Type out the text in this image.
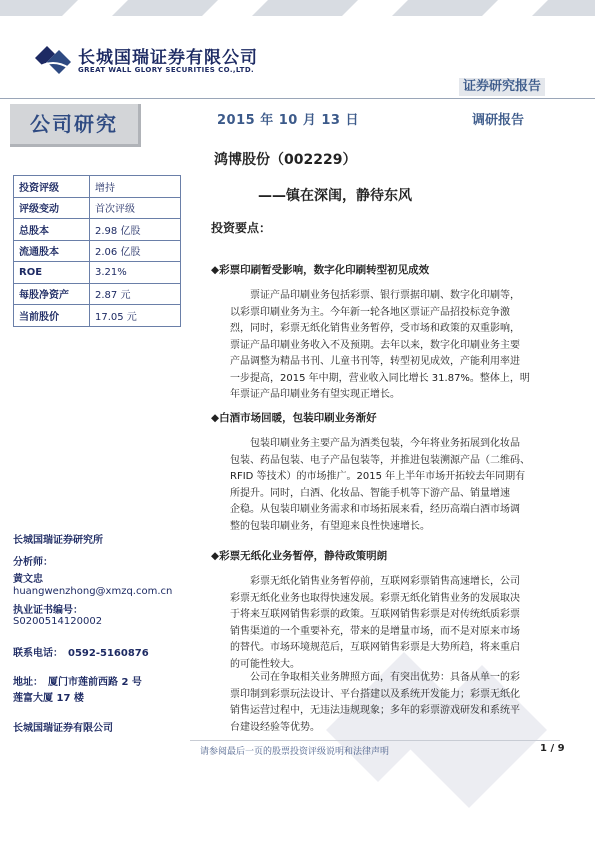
长城国瑞证券有限公司
GREAT WALL GLORY SECURITIES CO.,LTD.
证券研究报告
公司研究	2015 年 10 月 13 日	调研报告
鸿博股份（002229）
——镇在深闺，静待东风
投资要点：
投资评级	增持
评级变动	首次评级
总股本	2.98 亿股
流通股本	2.06 亿股
ROE	3.21%
每股净资产	2.87 元
当前股价	17.05 元
长城国瑞证券研究所
分析师：
黄文忠
huangwenzhong@xmzq.com.cn
执业证书编号：
S0200514120002
联系电话：　0592-5160876
地址：　厦门市莲前西路 2 号
莲富大厦 17 楼
长城国瑞证券有限公司
◆彩票印刷暂受影响，数字化印刷转型初见成效

票证产品印刷业务包括彩票、银行票据印刷、数字化印刷等，
以彩票印刷业务为主。今年新一轮各地区票证产品招投标竞争激
烈，同时，彩票无纸化销售业务暂停，受市场和政策的双重影响，
票证产品印刷业务收入不及预期。去年以来，数字化印刷业务主要
产品调整为精品书刊、儿童书刊等，转型初见成效，产能利用率进
一步提高，2015 年中期，营业收入同比增长 31.87%。整体上，明
年票证产品印刷业务有望实现正增长。

◆白酒市场回暖，包装印刷业务渐好

包装印刷业务主要产品为酒类包装，今年将业务拓展到化妆品
包装、药品包装、电子产品包装等，并推进包装溯源产品（二维码、
RFID 等技术）的市场推广。2015 年上半年市场开拓较去年同期有
所提升。同时，白酒、化妆品、智能手机等下游产品、销量增速
企稳。从包装印刷业务需求和市场拓展来看，经历高端白酒市场调
整的包装印刷业务，有望迎来良性快速增长。

◆彩票无纸化业务暂停，静待政策明朗

彩票无纸化销售业务暂停前，互联网彩票销售高速增长，公司
彩票无纸化业务也取得快速发展。彩票无纸化销售业务的发展取决
于将来互联网销售彩票的政策。互联网销售彩票是对传统纸质彩票
销售渠道的一个重要补充，带来的是增量市场，而不是对原来市场
的替代。市场环境规范后，互联网销售彩票是大势所趋，将来重启
的可能性较大。

公司在争取相关业务牌照方面，有突出优势：具备从单一的彩
票印制到彩票玩法设计、平台搭建以及系统开发能力；彩票无纸化
销售运营过程中，无违法违规现象；多年的彩票游戏研发和系统平
台建设经验等优势。

请参阅最后一页的股票投资评级说明和法律声明	1 / 9
